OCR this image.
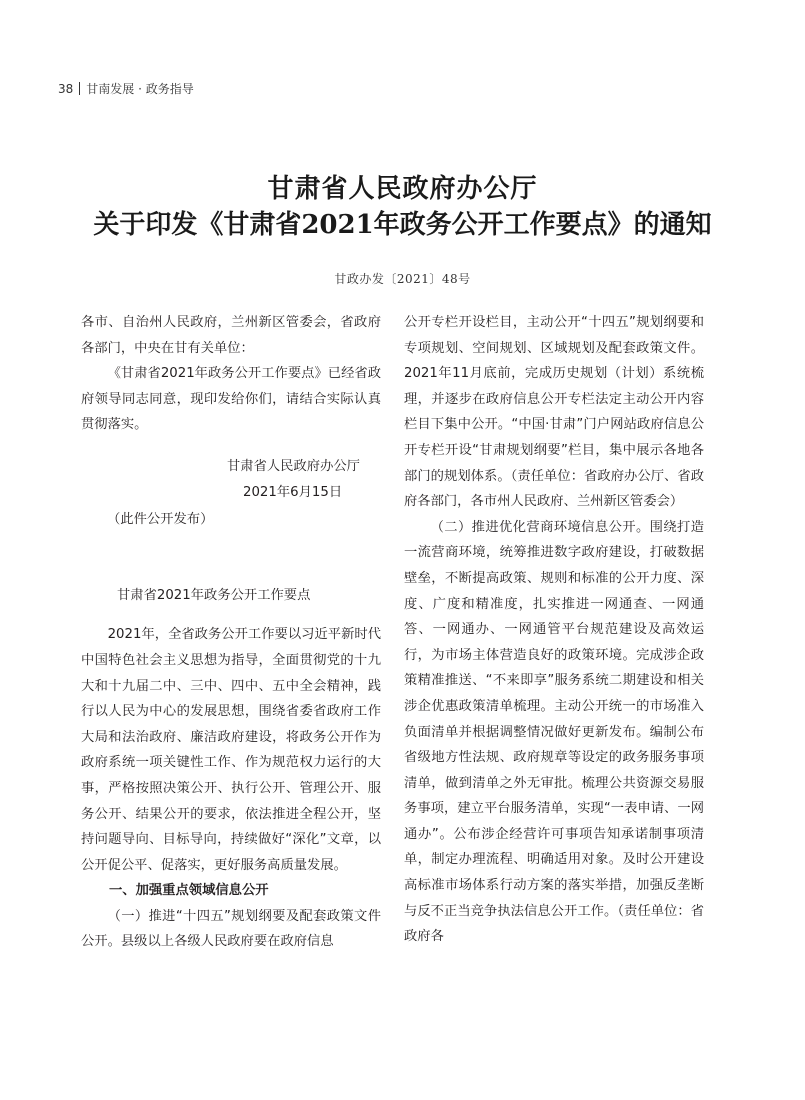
38 甘南发展 · 政务指导
甘肃省人民政府办公厅
关于印发《甘肃省2021年政务公开工作要点》的通知
甘政办发〔2021〕48号

各市、自治州人民政府，兰州新区管委会，省政府各部门，中央在甘有关单位：

《甘肃省2021年政务公开工作要点》已经省政府领导同志同意，现印发给你们，请结合实际认真贯彻落实。

甘肃省人民政府办公厅

2021年6月15日

（此件公开发布）

甘肃省2021年政务公开工作要点

2021年，全省政务公开工作要以习近平新时代中国特色社会主义思想为指导，全面贯彻党的十九大和十九届二中、三中、四中、五中全会精神，践行以人民为中心的发展思想，围绕省委省政府工作大局和法治政府、廉洁政府建设，将政务公开作为政府系统一项关键性工作、作为规范权力运行的大事，严格按照决策公开、执行公开、管理公开、服务公开、结果公开的要求，依法推进全程公开，坚持问题导向、目标导向，持续做好“深化”文章，以公开促公平、促落实，更好服务高质量发展。

一、加强重点领域信息公开

（一）推进“十四五”规划纲要及配套政策文件公开。县级以上各级人民政府要在政府信息

公开专栏开设栏目，主动公开“十四五”规划纲要和专项规划、空间规划、区域规划及配套政策文件。2021年11月底前，完成历史规划（计划）系统梳理，并逐步在政府信息公开专栏法定主动公开内容栏目下集中公开。“中国·甘肃”门户网站政府信息公开专栏开设“甘肃规划纲要”栏目，集中展示各地各部门的规划体系。（责任单位：省政府办公厅、省政府各部门，各市州人民政府、兰州新区管委会）

（二）推进优化营商环境信息公开。围绕打造一流营商环境，统筹推进数字政府建设，打破数据壁垒，不断提高政策、规则和标准的公开力度、深度、广度和精准度，扎实推进一网通查、一网通答、一网通办、一网通管平台规范建设及高效运行，为市场主体营造良好的政策环境。完成涉企政策精准推送、“不来即享”服务系统二期建设和相关涉企优惠政策清单梳理。主动公开统一的市场准入负面清单并根据调整情况做好更新发布。编制公布省级地方性法规、政府规章等设定的政务服务事项清单，做到清单之外无审批。梳理公共资源交易服务事项，建立平台服务清单，实现“一表申请、一网通办”。公布涉企经营许可事项告知承诺制事项清单，制定办理流程、明确适用对象。及时公开建设高标准市场体系行动方案的落实举措，加强反垄断与反不正当竞争执法信息公开工作。（责任单位：省政府各
